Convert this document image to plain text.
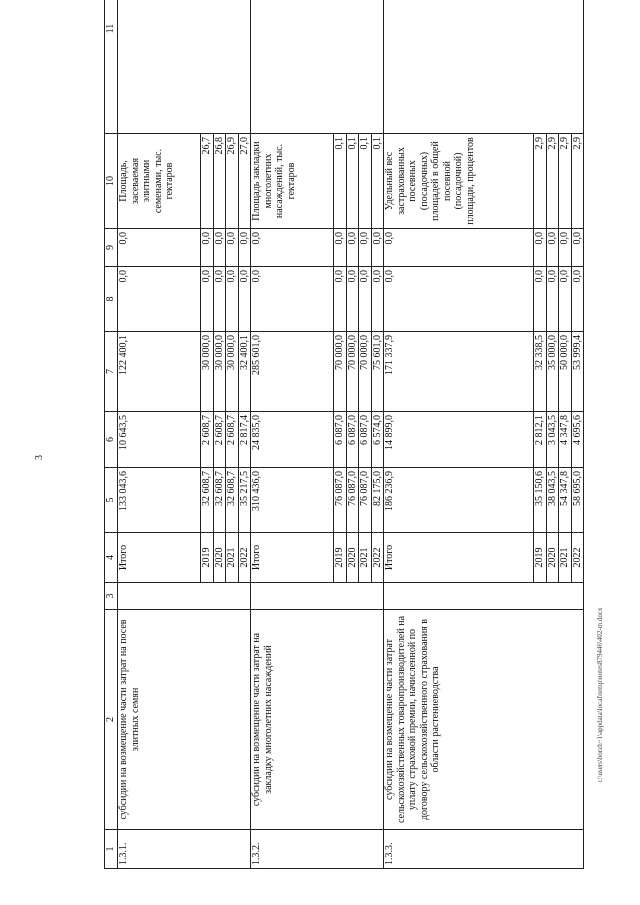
3
1	2	3	4	5	6	7	8	9	10	11
1.3.1.	субсидии на возмещение части затрат на посев элитных семян		Итого	133 043,6	10 643,5	122 400,1	0,0	0,0	Площадь, засеваемая элитными семенами, тыс. гектаров	
			2019	32 608,7	2 608,7	30 000,0	0,0	0,0	26,7	
			2020	32 608,7	2 608,7	30 000,0	0,0	0,0	26,8	
			2021	32 608,7	2 608,7	30 000,0	0,0	0,0	26,9	
			2022	35 217,5	2 817,4	32 400,1	0,0	0,0	27,0	
1.3.2.	субсидии на возмещение части затрат на закладку многолетних насаждений		Итого	310 436,0	24 835,0	285 601,0	0,0	0,0	Площадь закладки многолетних насаждений, тыс. гектаров	
			2019	76 087,0	6 087,0	70 000,0	0,0	0,0	0,1	
			2020	76 087,0	6 087,0	70 000,0	0,0	0,0	0,1	
			2021	76 087,0	6 087,0	70 000,0	0,0	0,0	0,1	
			2022	82 175,0	6 574,0	75 601,0	0,0	0,0	0,1	
1.3.3.	субсидии на возмещение части затрат сельскохозяйственных товаропроизводителей на уплату страховой премии, начисленной по договору сельскохозяйственного страхования в области растениеводства		Итого	186 236,9	14 899,0	171 337,9	0,0	0,0	Удельный вес застрахованных посевных (посадочных) площадей в общей посевной (посадочной) площади, процентов	
			2019	35 150,6	2 812,1	32 338,5	0,0	0,0	2,9	
			2020	38 043,5	3 043,5	35 000,0	0,0	0,0	2,9	
			2021	54 347,8	4 347,8	50 000,0	0,0	0,0	2,9	
			2022	58 695,0	4 695,6	53 999,4	0,0	0,0	2,9	
c:\users\borzh~1\appdata\local\temp\notes879446\402-m.docx
